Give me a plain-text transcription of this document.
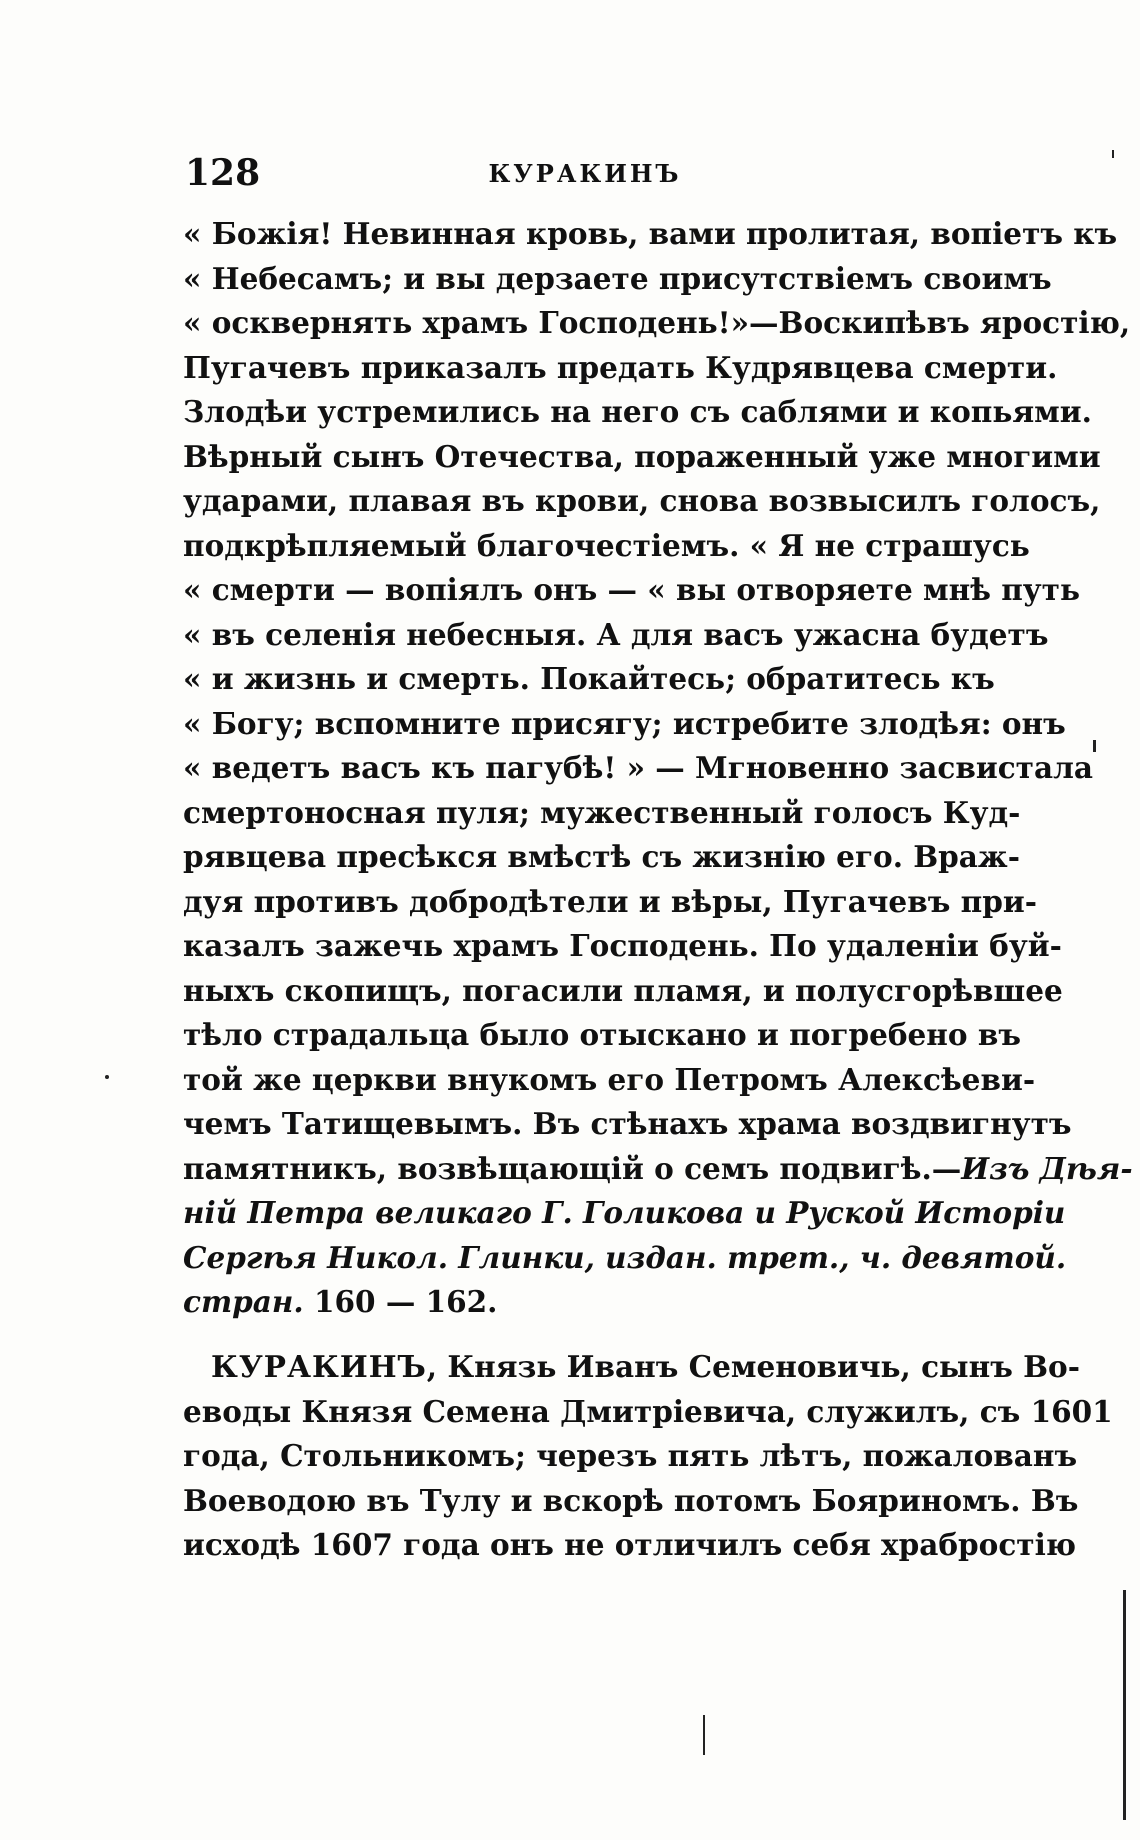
128	КУРАКИНЪ
« Божія! Невинная кровь, вами пролитая, вопіетъ къ
« Небесамъ; и вы дерзаете присутствіемъ своимъ
« осквернять храмъ Господень!»—Воскипѣвъ яростію,
Пугачевъ приказалъ предать Кудрявцева смерти.
Злодѣи устремились на него съ саблями и копьями.
Вѣрный сынъ Отечества, пораженный уже многими
ударами, плавая въ крови, снова возвысилъ голосъ,
подкрѣпляемый благочестіемъ. « Я не страшусь
« смерти — вопіялъ онъ — « вы отворяете мнѣ путь
« въ селенія небесныя. А для васъ ужасна будетъ
« и жизнь и смерть. Покайтесь; обратитесь къ
« Богу; вспомните присягу; истребите злодѣя: онъ
« ведетъ васъ къ пагубѣ! » — Мгновенно засвистала
смертоносная пуля; мужественный голосъ Куд-
рявцева пресѣкся вмѣстѣ съ жизнію его. Враж-
дуя противъ добродѣтели и вѣры, Пугачевъ при-
казалъ зажечь храмъ Господень. По удаленіи буй-
ныхъ скопищъ, погасили пламя, и полусгорѣвшее
тѣло страдальца было отыскано и погребено въ
той же церкви внукомъ его Петромъ Алексѣеви-
чемъ Татищевымъ. Въ стѣнахъ храма воздвигнутъ
памятникъ, возвѣщающій о семъ подвигѣ.—Изъ Дѣя-
ній Петра великаго Г. Голикова и Руской Исторіи
Сергѣя Никол. Глинки, издан. трет., ч. девятой.
стран. 160 — 162.
КУРАКИНЪ, Князь Иванъ Семеновичь, сынъ Во-
еводы Князя Семена Дмитріевича, служилъ, съ 1601
года, Стольникомъ; черезъ пять лѣтъ, пожалованъ
Воеводою въ Тулу и вскорѣ потомъ Бояриномъ. Въ
исходѣ 1607 года онъ не отличилъ себя храбростію
